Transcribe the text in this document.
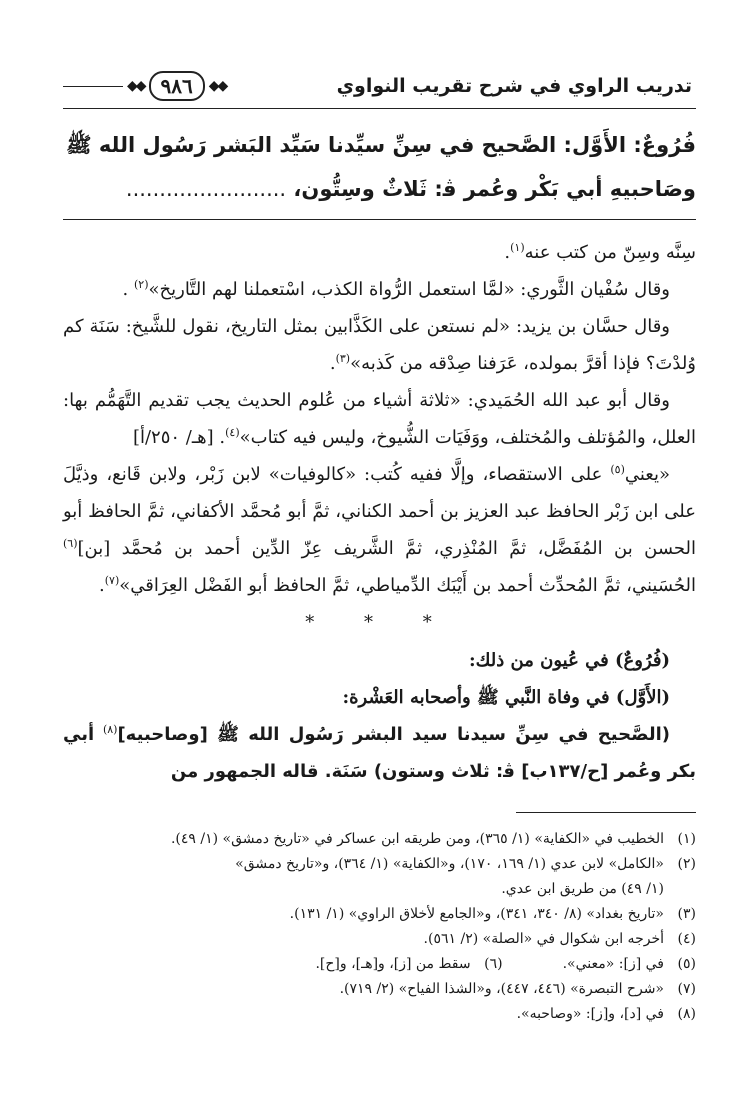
تدريب الراوي في شرح تقريب النواوي
◆◆ ٩٨٦	◆◆
فُرُوعٌ: الأَوَّل: الصَّحيح في سِنِّ سيِّدنا سَيِّد البَشر رَسُول الله ﷺ
وصَاحبيهِ أبي بَكْر وعُمر ﭬ: ثَلاثٌ وسِتُّون، ........................

سِنَّه وسِنّ من كتب عنه$^{(١)}$.

وقال سُفْيان الثَّوري: «لمَّا استعمل الرُّواة الكذب، اسْتعملنا لهم التَّاريخ»$^{(٢)}$ .

وقال حسَّان بن يزيد: «لم نستعن على الكَذَّابين بمثل التاريخ، نقول للشَّيخ: سَنَة كم وُلدْتَ؟ فإذا أقرَّ بمولده، عَرَفنا صِدْقه من كَذبه»$^{(٣)}$.

وقال أبو عبد الله الحُمَيدي: «ثلاثة أشياء من عُلوم الحديث يجب تقديم التَّهَمُّم بها: العلل، والمُؤتلف والمُختلف، ووَفَيَات الشُّيوخ، وليس فيه كتاب»$^{(٤)}$. [هـ/ ٢٥٠/أ]

«يعني$^{(٥)}$ على الاستقصاء، وإلَّا ففيه كُتب: «كالوفيات» لابن زَبْر، ولابن قَانع، وذيَّلَ على ابن زَبْر الحافظ عبد العزيز بن أحمد الكناني، ثمَّ أبو مُحمَّد الأكفاني، ثمَّ الحافظ أبو الحسن بن المُفَضَّل، ثمَّ المُنْذِري، ثمَّ الشَّريف عِزّ الدِّين أحمد بن مُحمَّد [بن]$^{(٦)}$ الحُسَيني، ثمَّ المُحدِّث أحمد بن أَيْبَك الدِّمياطي، ثمَّ الحافظ أبو الفَضْل العِرَاقي»$^{(٧)}$.

* * *

(فُرُوعٌ) في عُيون من ذلك:

(الأَوَّل) في وفاة النَّبي ﷺ وأصحابه العَشْرة:

(الصَّحيح في سِنِّ سيدنا سيد البشر رَسُول الله ﷺ [وصاحبيه]$^{(٨)}$ أبي بكر وعُمر [ح/١٣٧ب] ﭬ: ثلاث وستون) سَنَة. قاله الجمهور من

(١)
الخطيب في «الكفاية» (١/ ٣٦٥)، ومن طريقه ابن عساكر في «تاريخ دمشق» (١/ ٤٩).
(٢)
«الكامل» لابن عدي (١/ ١٦٩، ١٧٠)، و«الكفاية» (١/ ٣٦٤)، و«تاريخ دمشق»
(١/ ٤٩) من طريق ابن عدي.
(٣)
«تاريخ بغداد» (٨/ ٣٤٠، ٣٤١)، و«الجامع لأخلاق الراوي» (١/ ١٣١).
(٤)
أخرجه ابن شكوال في «الصلة» (٢/ ٥٦١).
(٥)
في [ز]: «معني».
(٦)
سقط من [ز]، و[هـ]، و[ح].
(٧)
«شرح التبصرة» (٤٤٦، ٤٤٧)، و«الشذا الفياح» (٢/ ٧١٩).
(٨)
في [د]، و[ز]: «وصاحبه».
